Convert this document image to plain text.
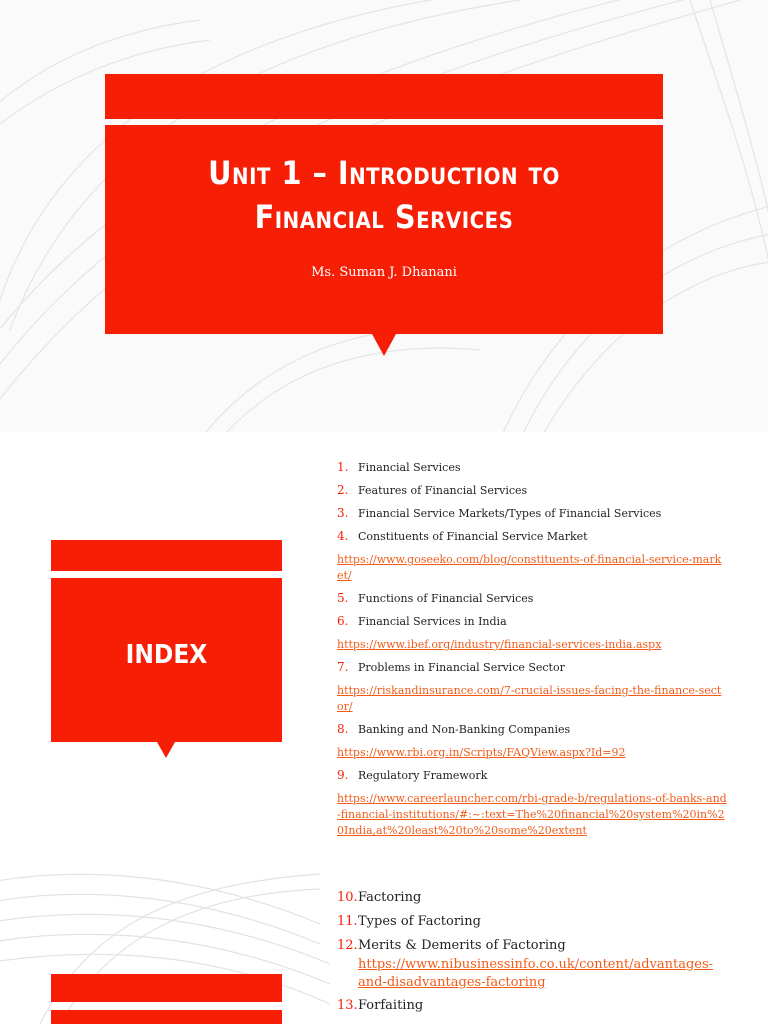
Unit 1 – Introduction to
Financial Services
Ms. Suman J. Dhanani
INDEX
1. Financial Services
2. Features of Financial Services
3. Financial Service Markets/Types of Financial Services
4. Constituents of Financial Service Market
https://www.goseeko.com/blog/constituents-of-financial-service-market/
5. Functions of Financial Services
6. Financial Services in India
https://www.ibef.org/industry/financial-services-india.aspx
7. Problems in Financial Service Sector
https://riskandinsurance.com/7-crucial-issues-facing-the-finance-sector/
8. Banking and Non-Banking Companies
https://www.rbi.org.in/Scripts/FAQView.aspx?Id=92
9. Regulatory Framework
https://www.careerlauncher.com/rbi-grade-b/regulations-of-banks-and-financial-institutions/#:~:text=The%20financial%20system%20in%20India,at%20least%20to%20some%20extent
10. Factoring
11. Types of Factoring
12. Merits & Demerits of Factoring
https://www.nibusinessinfo.co.uk/content/advantages-and-disadvantages-factoring
13. Forfaiting
